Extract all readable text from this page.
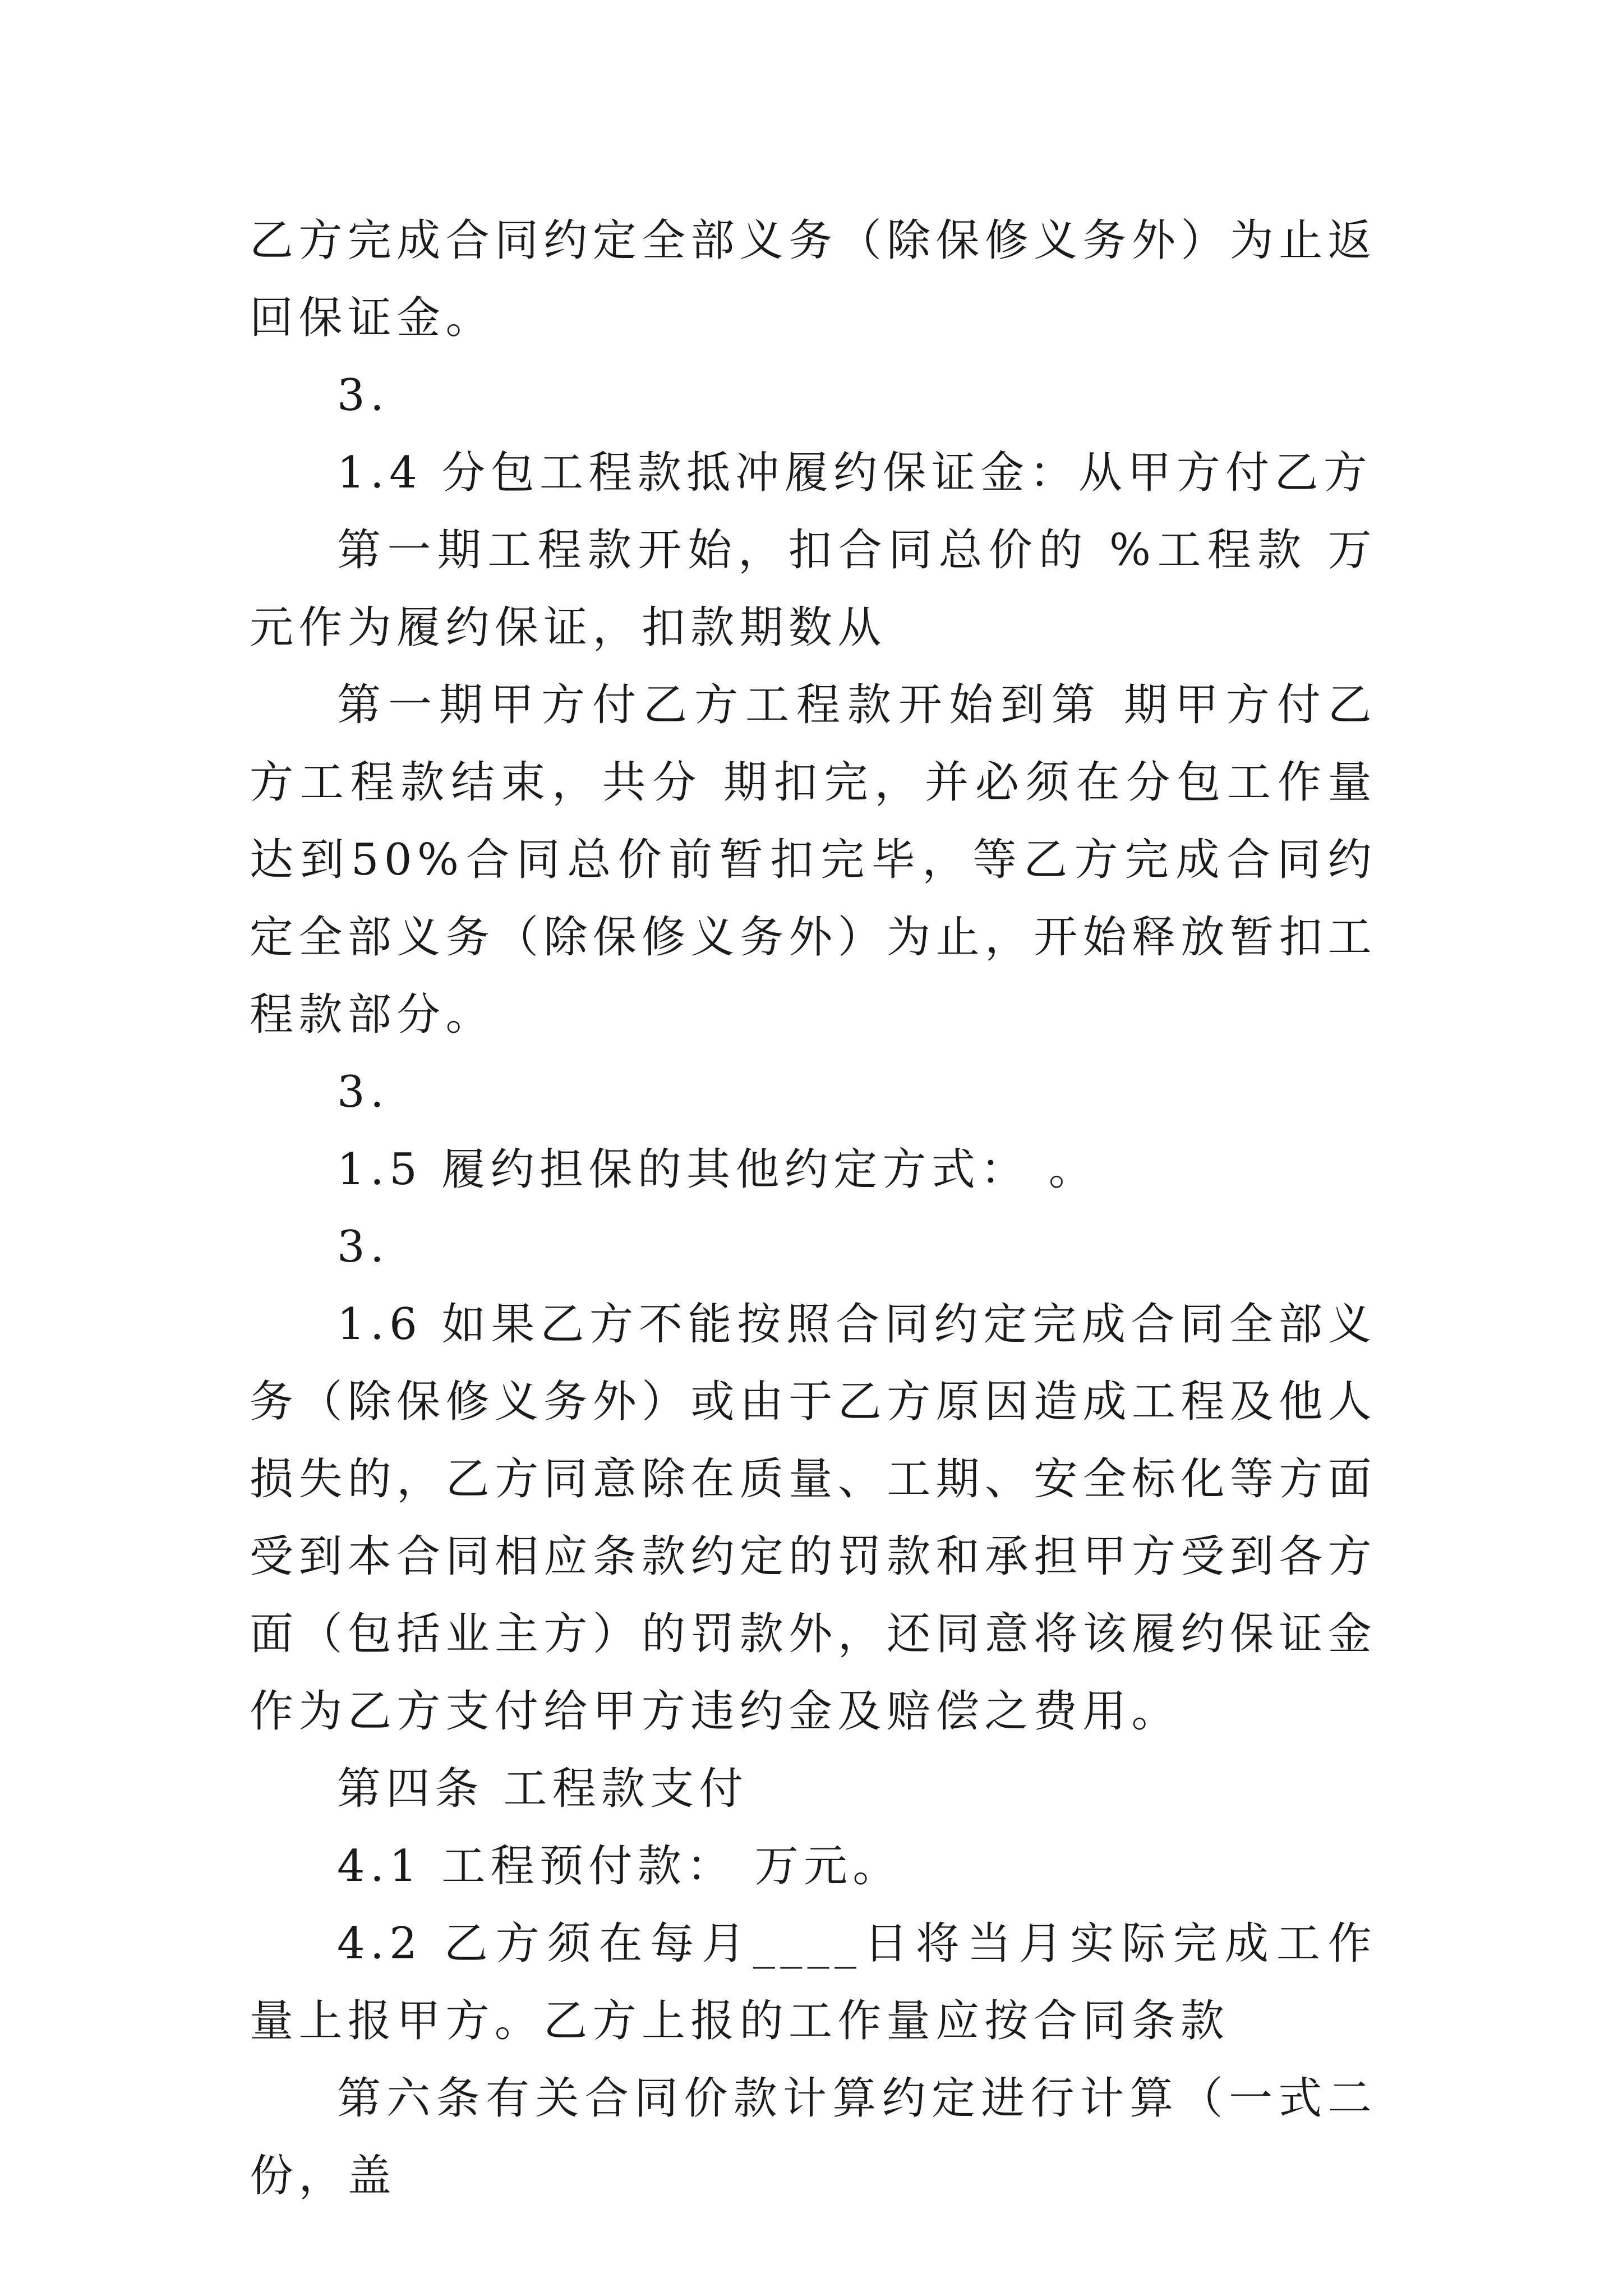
乙方完成合同约定全部义务（除保修义务外）为止返回保证金。

3.

1.4 分包工程款抵冲履约保证金：从甲方付乙方

第一期工程款开始，扣合同总价的 %工程款 万元作为履约保证，扣款期数从

第一期甲方付乙方工程款开始到第 期甲方付乙方工程款结束，共分 期扣完，并必须在分包工作量达到50%合同总价前暂扣完毕，等乙方完成合同约定全部义务（除保修义务外）为止，开始释放暂扣工程款部分。

3.

1.5 履约担保的其他约定方式： 。

3.

1.6 如果乙方不能按照合同约定完成合同全部义务（除保修义务外）或由于乙方原因造成工程及他人损失的，乙方同意除在质量、工期、安全标化等方面受到本合同相应条款约定的罚款和承担甲方受到各方面（包括业主方）的罚款外，还同意将该履约保证金作为乙方支付给甲方违约金及赔偿之费用。

第四条 工程款支付

4.1 工程预付款： 万元。

4.2 乙方须在每月____日将当月实际完成工作量上报甲方。乙方上报的工作量应按合同条款

第六条有关合同价款计算约定进行计算（一式二份，盖
